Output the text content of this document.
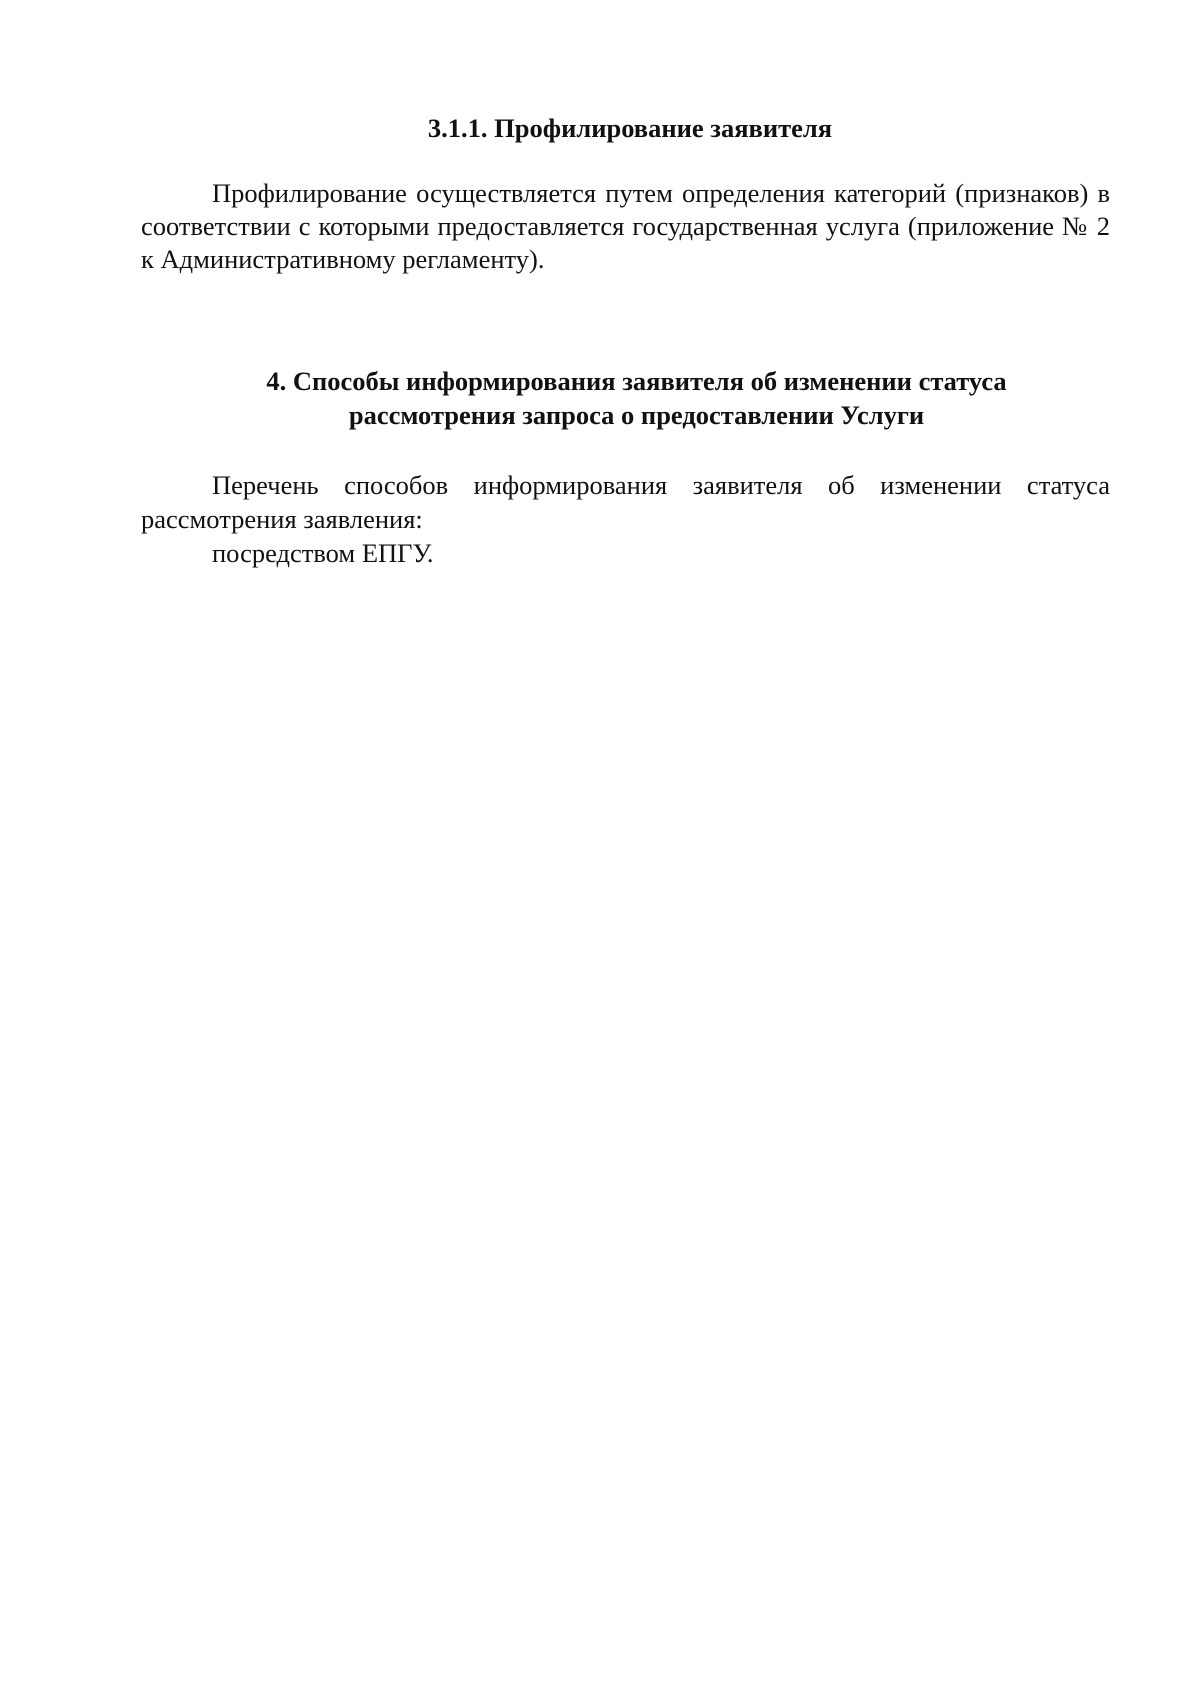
3.1.1. Профилирование заявителя

Профилирование осуществляется путем определения категорий (признаков) в соответствии с которыми предоставляется государственная услуга (приложение № 2 к Административному регламенту).

4. Способы информирования заявителя об изменении статуса
рассмотрения запроса о предоставлении Услуги

Перечень способов информирования заявителя об изменении статуса рассмотрения заявления:

посредством ЕПГУ.
